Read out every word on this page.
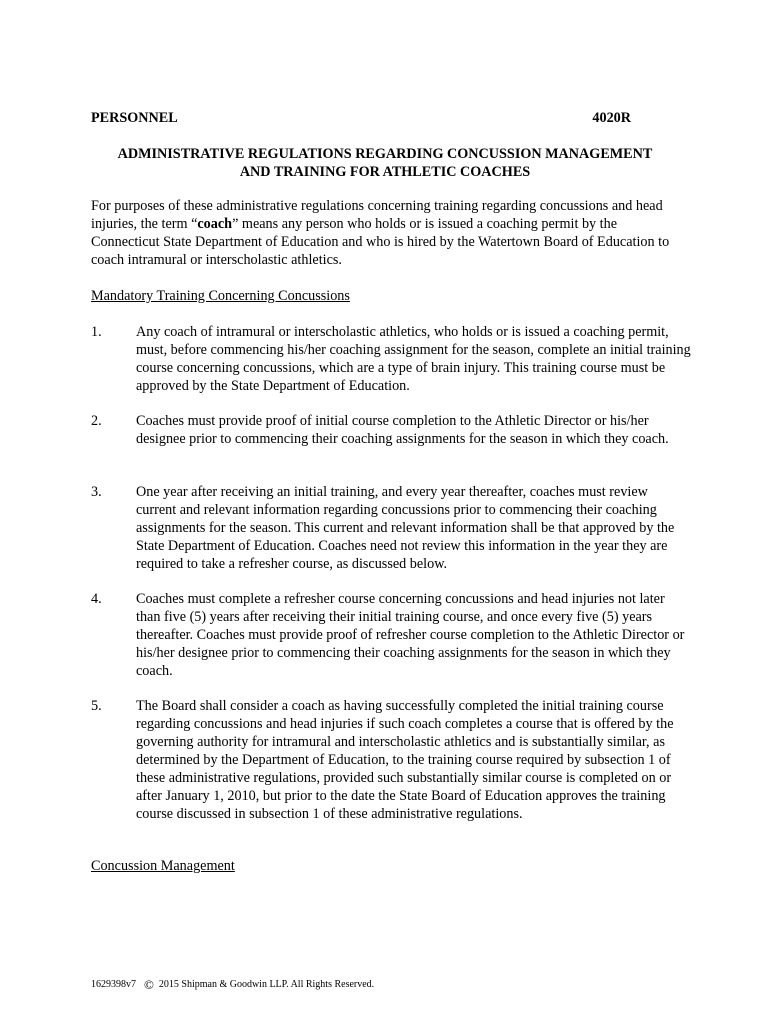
PERSONNEL	4020R
ADMINISTRATIVE REGULATIONS REGARDING CONCUSSION MANAGEMENT
AND TRAINING FOR ATHLETIC COACHES
For purposes of these administrative regulations concerning training regarding concussions and head injuries, the term “coach” means any person who holds or is issued a coaching permit by the Connecticut State Department of Education and who is hired by the Watertown Board of Education to coach intramural or interscholastic athletics.
Mandatory Training Concerning Concussions
1.	Any coach of intramural or interscholastic athletics, who holds or is issued a coaching permit, must, before commencing his/her coaching assignment for the season, complete an initial training course concerning concussions, which are a type of brain injury. This training course must be approved by the State Department of Education.
2.	Coaches must provide proof of initial course completion to the Athletic Director or his/her designee prior to commencing their coaching assignments for the season in which they coach.
3.	One year after receiving an initial training, and every year thereafter, coaches must review current and relevant information regarding concussions prior to commencing their coaching assignments for the season. This current and relevant information shall be that approved by the State Department of Education. Coaches need not review this information in the year they are required to take a refresher course, as discussed below.
4.	Coaches must complete a refresher course concerning concussions and head injuries not later than five (5) years after receiving their initial training course, and once every five (5) years thereafter. Coaches must provide proof of refresher course completion to the Athletic Director or his/her designee prior to commencing their coaching assignments for the season in which they coach.
5.	The Board shall consider a coach as having successfully completed the initial training course regarding concussions and head injuries if such coach completes a course that is offered by the governing authority for intramural and interscholastic athletics and is substantially similar, as determined by the Department of Education, to the training course required by subsection 1 of these administrative regulations, provided such substantially similar course is completed on or after January 1, 2010, but prior to the date the State Board of Education approves the training course discussed in subsection 1 of these administrative regulations.
Concussion Management
1629398v7 © 2015 Shipman & Goodwin LLP. All Rights Reserved.
